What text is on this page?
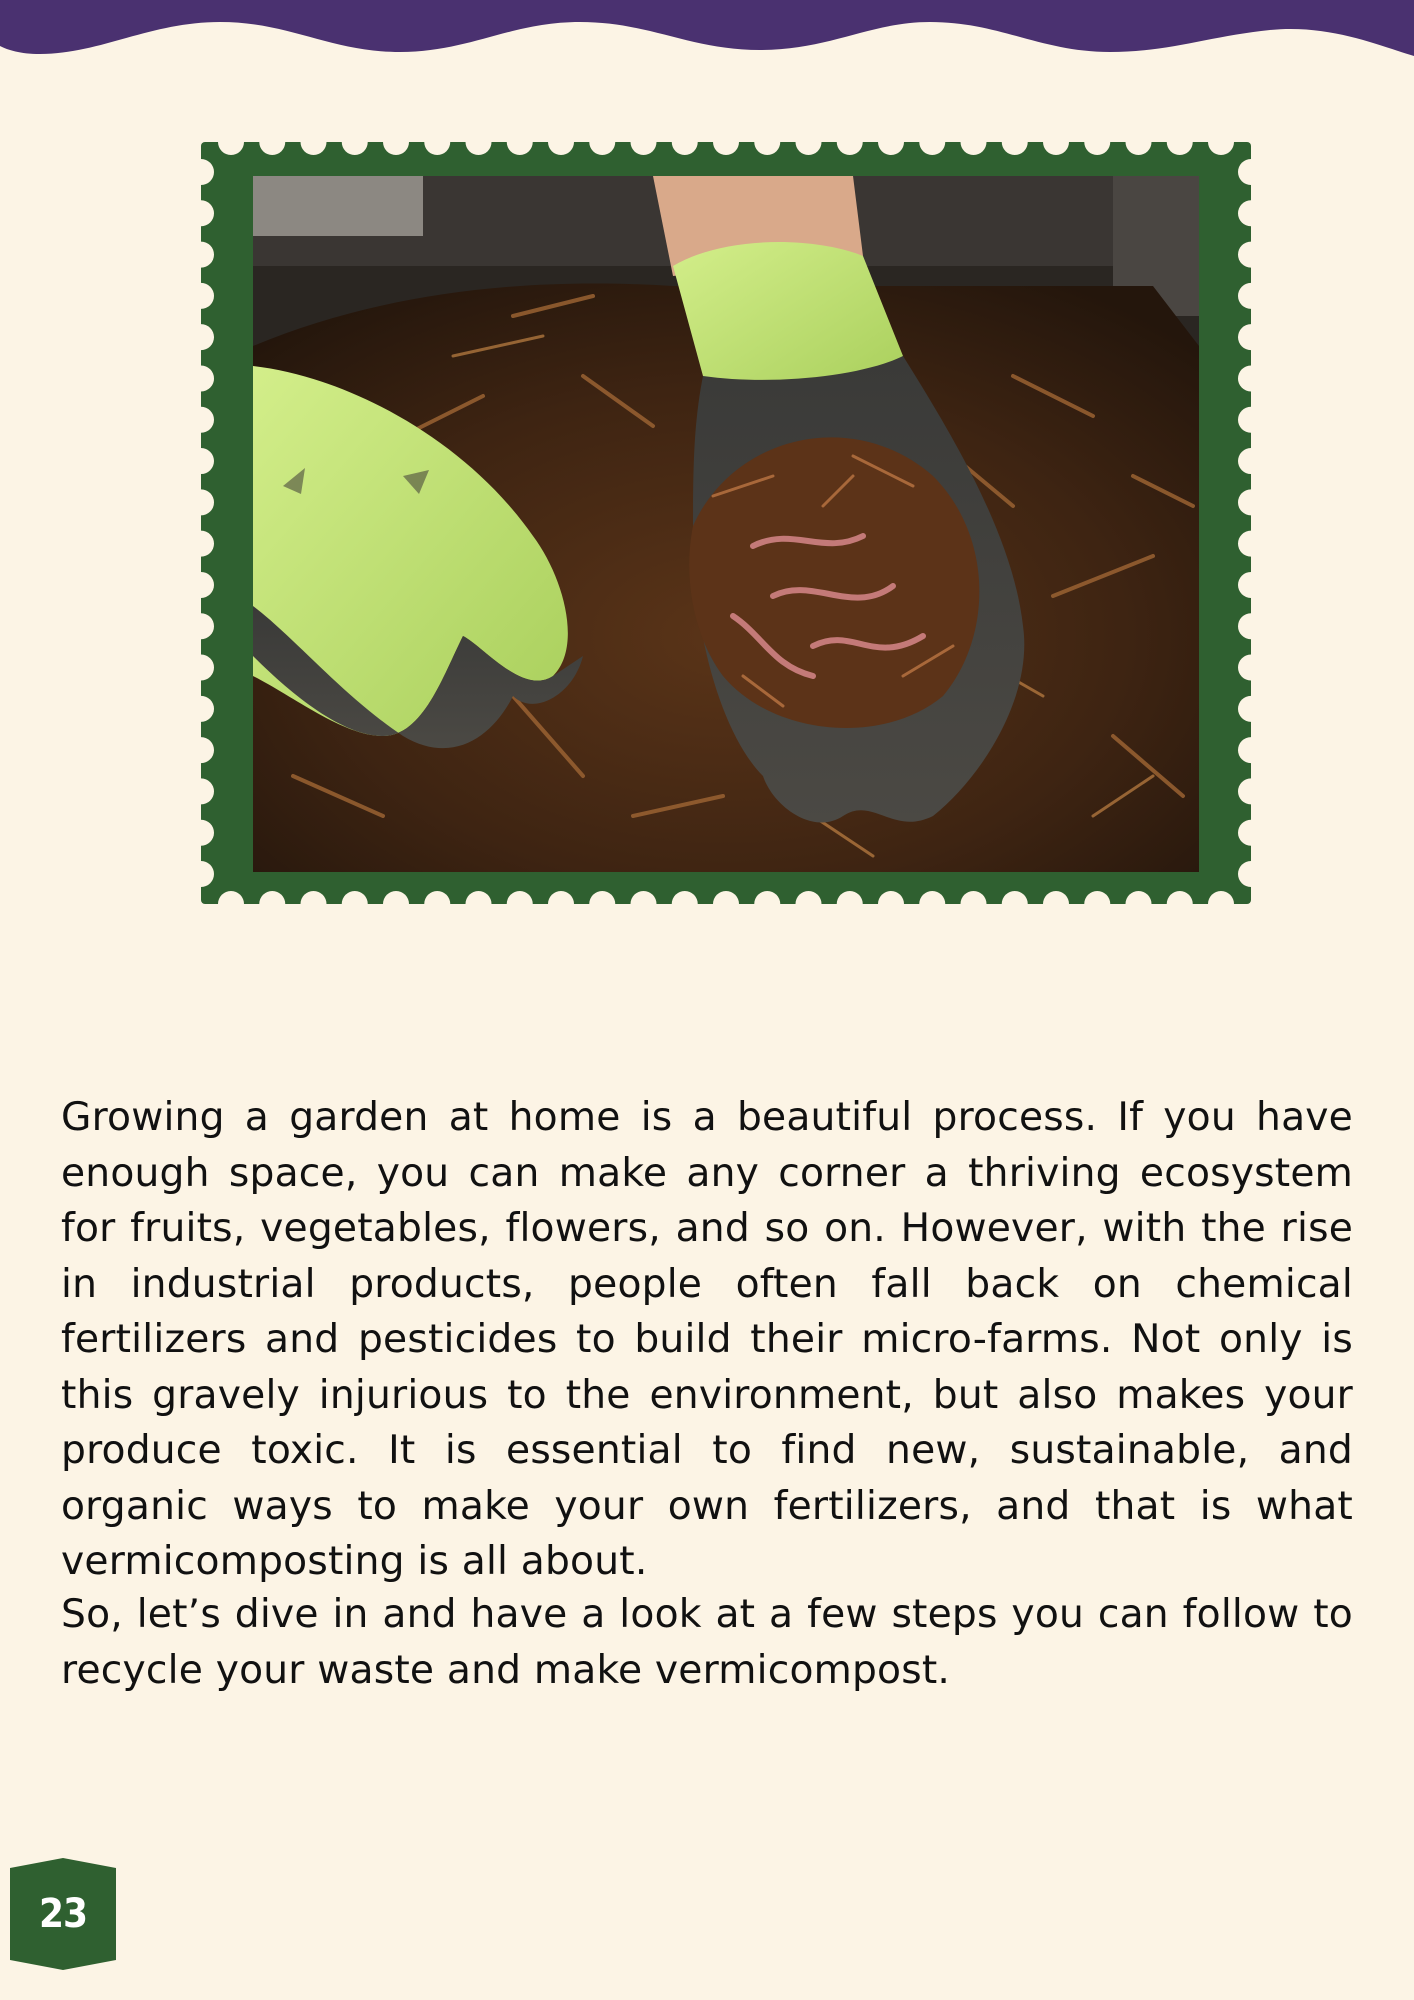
Growing a garden at home is a beautiful process. If you have enough space, you can make any corner a thriving ecosystem for fruits, vegetables, flowers, and so on. However, with the rise in industrial products, people often fall back on chemical fertilizers and pesticides to build their micro-farms. Not only is this gravely injurious to the environment, but also makes your produce toxic. It is essential to find new, sustainable, and organic ways to make your own fertilizers, and that is what vermicomposting is all about.

So, let’s dive in and have a look at a few steps you can follow to recycle your waste and make vermicompost.

23
